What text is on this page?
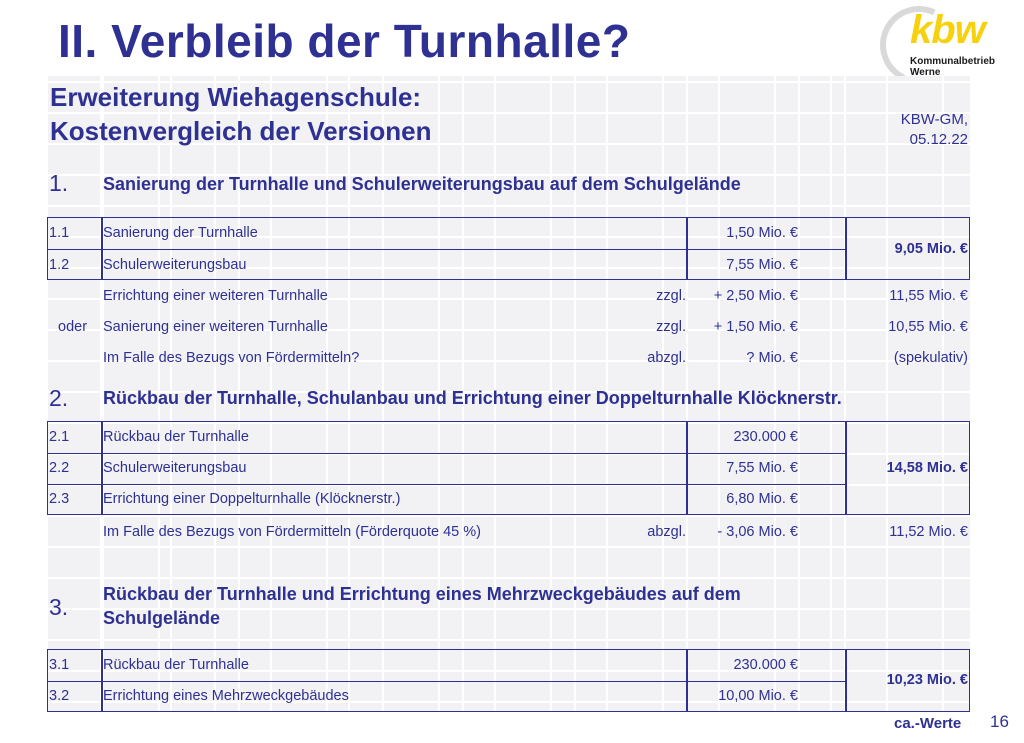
II. Verbleib der Turnhalle?	kbw
Kommunalbetrieb
Werne
Erweiterung Wiehagenschule:
Kostenvergleich der Versionen	KBW-GM,
05.12.22
1. Sanierung der Turnhalle und Schulerweiterungsbau auf dem Schulgelände
1.1 Sanierung der Turnhalle	1,50 Mio. €
1.2 Schulerweiterungsbau	7,55 Mio. €
9,05 Mio. €
Errichtung einer weiteren Turnhalle	zzgl.	+ 2,50 Mio. €	11,55 Mio. €
oder Sanierung einer weiteren Turnhalle	zzgl.	+ 1,50 Mio. €	10,55 Mio. €
Im Falle des Bezugs von Fördermitteln?	abzgl.	? Mio. €	(spekulativ)
2. Rückbau der Turnhalle, Schulanbau und Errichtung einer Doppelturnhalle Klöcknerstr.
2.1 Rückbau der Turnhalle	230.000 €
2.2 Schulerweiterungsbau	7,55 Mio. €
2.3 Errichtung einer Doppelturnhalle (Klöcknerstr.)	6,80 Mio. €
14,58 Mio. €
Im Falle des Bezugs von Fördermitteln (Förderquote 45 %)	abzgl.	- 3,06 Mio. €	11,52 Mio. €
3. Rückbau der Turnhalle und Errichtung eines Mehrzweckgebäudes auf dem
Schulgelände
3.1 Rückbau der Turnhalle	230.000 €
3.2 Errichtung eines Mehrzweckgebäudes	10,00 Mio. €
10,23 Mio. €
ca.-Werte 16
